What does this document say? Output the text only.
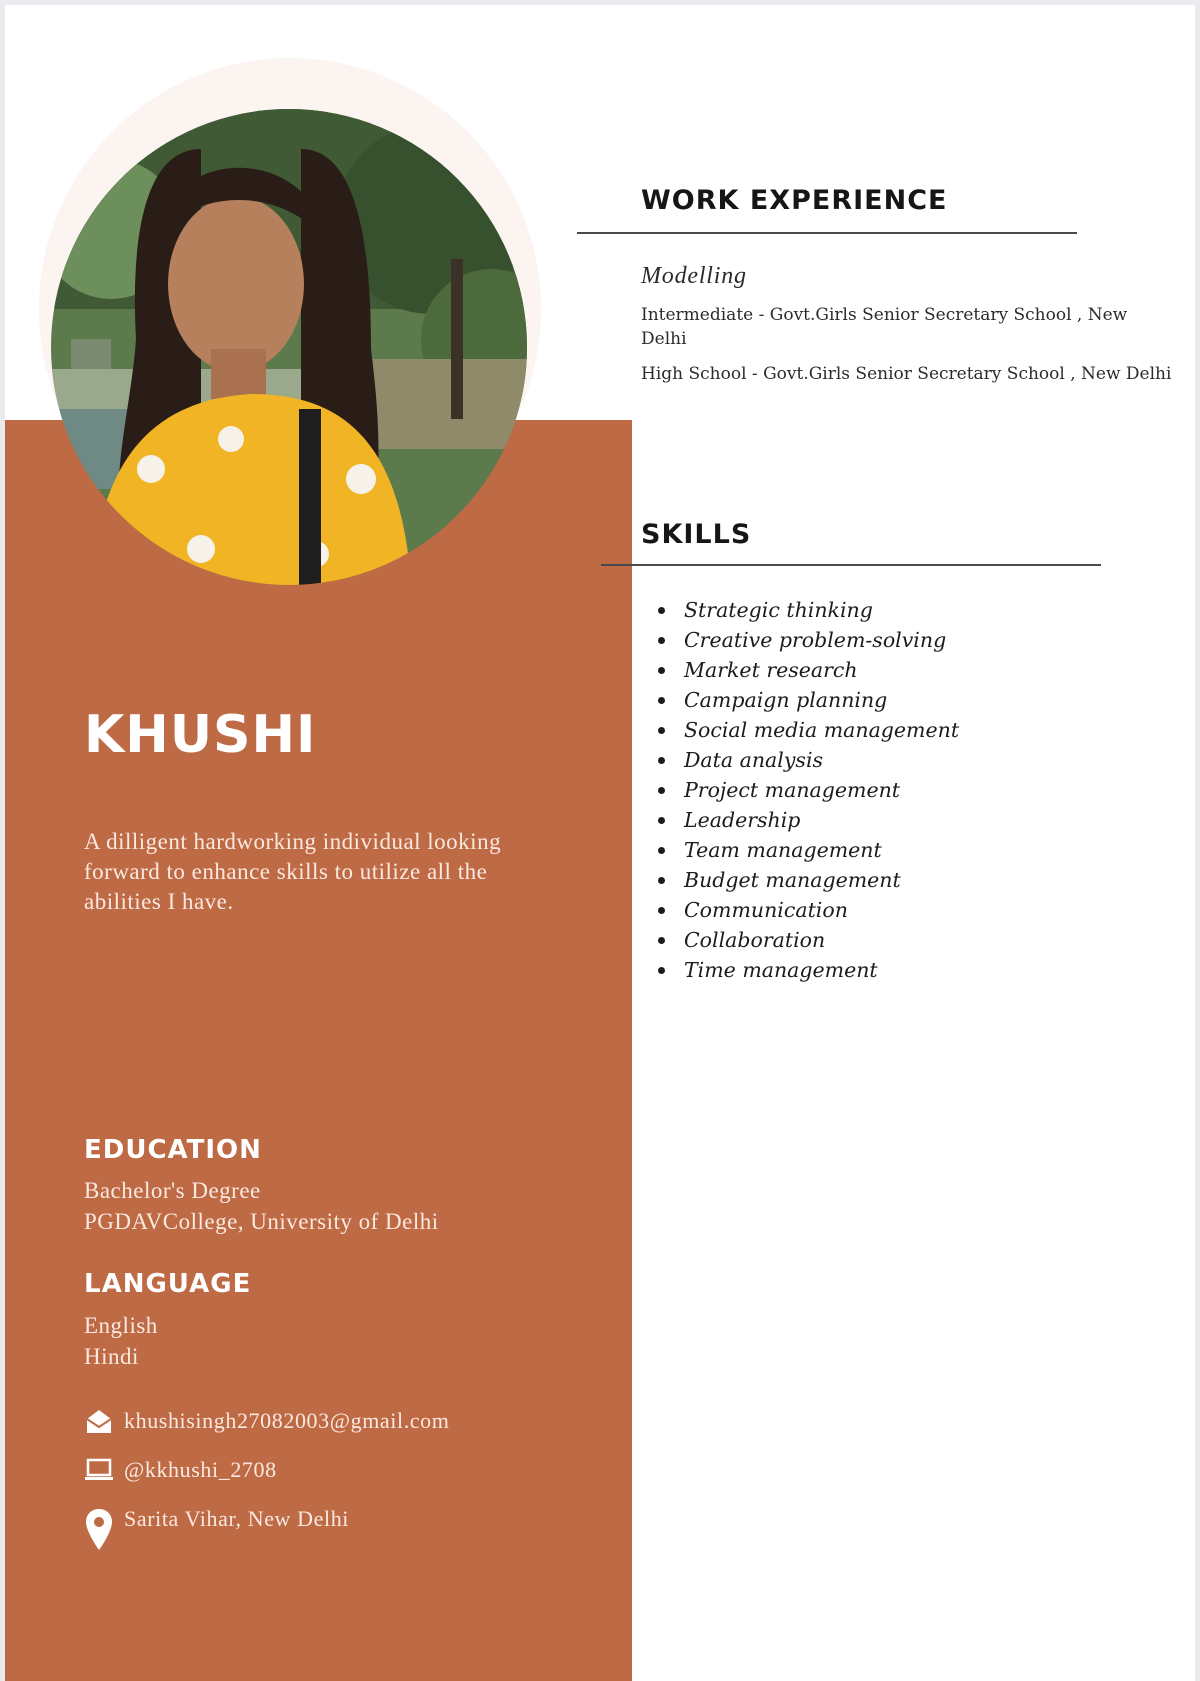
KHUSHI

A dilligent hardworking individual looking forward to enhance skills to utilize all the abilities I have.

EDUCATION
Bachelor's Degree
PGDAVCollege, University of Delhi
LANGUAGE
English
Hindi
khushisingh27082003@gmail.com
@kkhushi_2708
Sarita Vihar, New Delhi
WORK EXPERIENCE

Modelling

Intermediate - Govt.Girls Senior Secretary School , New Delhi

High School - Govt.Girls Senior Secretary School , New Delhi

SKILLS
Strategic thinking
Creative problem-solving
Market research
Campaign planning
Social media management
Data analysis
Project management
Leadership
Team management
Budget management
Communication
Collaboration
Time management
